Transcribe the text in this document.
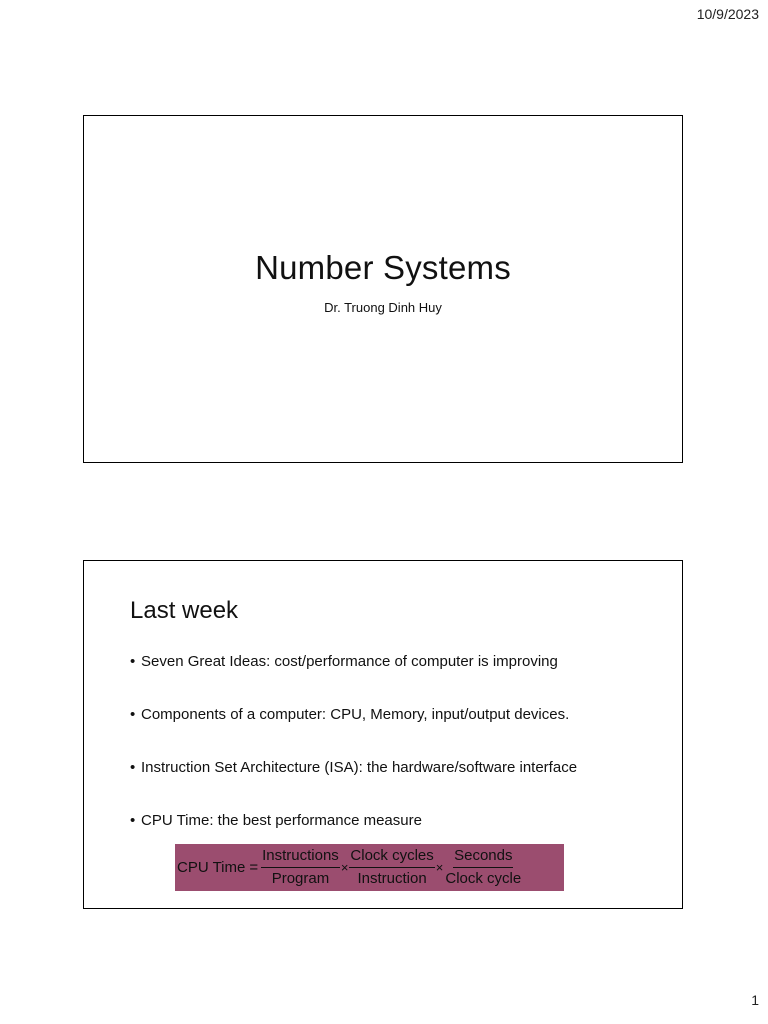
10/9/2023
Number Systems
Dr. Truong Dinh Huy
Last week
• Seven Great Ideas: cost/performance of computer is improving
• Components of a computer: CPU, Memory, input/output devices.
• Instruction Set Architecture (ISA): the hardware/software interface
• CPU Time: the best performance measure
CPU Time = $\frac{\text{Instructions}}{\text{Program}} \times \frac{\text{Clock cycles}}{\text{Instruction}} \times \frac{\text{Seconds}}{\text{Clock cycle}}$
1
